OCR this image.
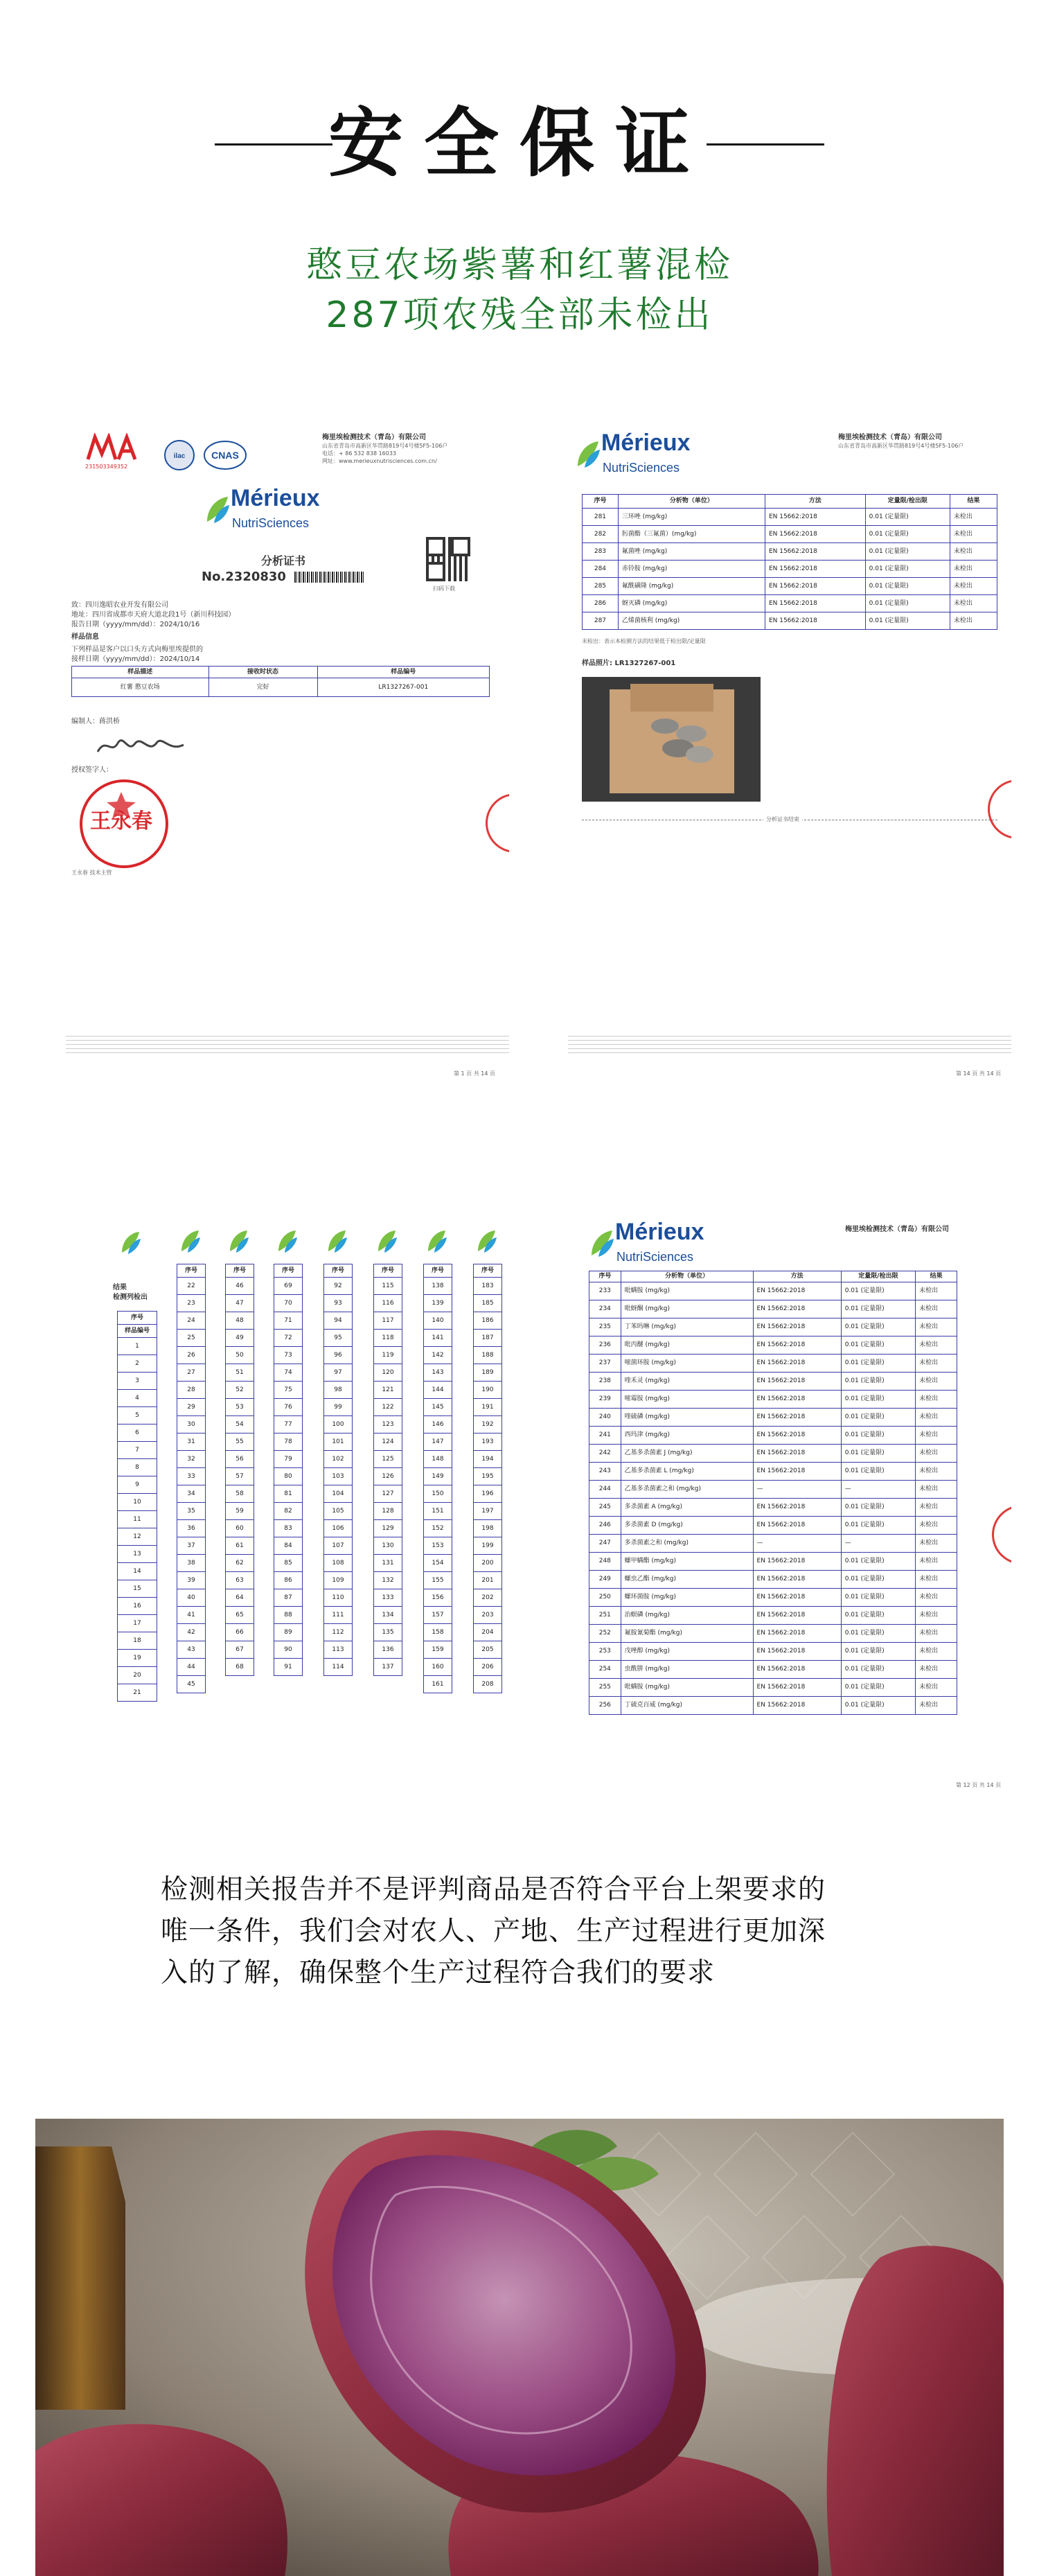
安全保证
憨豆农场紫薯和红薯混检
287项农残全部未检出
231503349352
ilac	CNAS
梅里埃检测技术（青岛）有限公司
山东省青岛市高新区华贯路819号4号楼5F5-106户
电话：+ 86 532 838 16033
网址：www.merieuxnutrisciences.com.cn/
Mérieux
NutriSciences
扫码下载
分析证书
No.2320830
致：四川逸昭农业开发有限公司
地址：四川省成都市天府大道北段1号（新川科技园）
报告日期（yyyy/mm/dd）：2024/10/16
样品信息
下列样品是客户以口头方式向梅里埃提供的
接样日期（yyyy/mm/dd）：2024/10/14
样品描述	接收时状态	样品编号
红薯 憨豆农场	完好	LR1327267-001
编制人：蒋洪桥
授权签字人：
王永春
王永春 技术主管
第 1 页 共 14 页
Mérieux
NutriSciences
梅里埃检测技术（青岛）有限公司
山东省青岛市高新区华贯路819号4号楼5F5-106户
序号	分析物（单位）	方法	定量限/检出限	结果
281	三环唑 (mg/kg)	EN 15662:2018	0.01 (定量限)	未检出
282	肟菌酯（三氟菌）(mg/kg)	EN 15662:2018	0.01 (定量限)	未检出
283	氟菌唑 (mg/kg)	EN 15662:2018	0.01 (定量限)	未检出
284	赤铃胺 (mg/kg)	EN 15662:2018	0.01 (定量限)	未检出
285	氟酰磺隆 (mg/kg)	EN 15662:2018	0.01 (定量限)	未检出
286	蚜灭磷 (mg/kg)	EN 15662:2018	0.01 (定量限)	未检出
287	乙烯菌核利 (mg/kg)	EN 15662:2018	0.01 (定量限)	未检出
未检出：表示本检测方法的结果低于检出限/定量限
样品照片: LR1327267-001
分析证书结束
第 14 页 共 14 页
结果
检测列检出
序号
样品编号
1
2
3
4
5
6
7
8
9
10
11
12
13
14
15
16
17
18
19
20
21
序号
22
23
24
25
26
27
28
29
30
31
32
33
34
35
36
37
38
39
40
41
42
43
44
45
序号
46
47
48
49
50
51
52
53
54
55
56
57
58
59
60
61
62
63
64
65
66
67
68
序号
69
70
71
72
73
74
75
76
77
78
79
80
81
82
83
84
85
86
87
88
89
90
91
序号
92
93
94
95
96
97
98
99
100
101
102
103
104
105
106
107
108
109
110
111
112
113
114
序号
115
116
117
118
119
120
121
122
123
124
125
126
127
128
129
130
131
132
133
134
135
136
137
序号
138
139
140
141
142
143
144
145
146
147
148
149
150
151
152
153
154
155
156
157
158
159
160
161
序号
183
185
186
187
188
189
190
191
192
193
194
195
196
197
198
199
200
201
202
203
204
205
206
208
Mérieux
NutriSciences
梅里埃检测技术（青岛）有限公司
序号	分析物（单位）	方法	定量限/检出限	结果
233	吡螨胺 (mg/kg)	EN 15662:2018	0.01 (定量限)	未检出
234	吡蚜酮 (mg/kg)	EN 15662:2018	0.01 (定量限)	未检出
235	丁苯吗啉 (mg/kg)	EN 15662:2018	0.01 (定量限)	未检出
236	吡丙醚 (mg/kg)	EN 15662:2018	0.01 (定量限)	未检出
237	嘧菌环胺 (mg/kg)	EN 15662:2018	0.01 (定量限)	未检出
238	喹禾灵 (mg/kg)	EN 15662:2018	0.01 (定量限)	未检出
239	嘧霉胺 (mg/kg)	EN 15662:2018	0.01 (定量限)	未检出
240	喹硫磷 (mg/kg)	EN 15662:2018	0.01 (定量限)	未检出
241	西玛津 (mg/kg)	EN 15662:2018	0.01 (定量限)	未检出
242	乙基多杀菌素 J (mg/kg)	EN 15662:2018	0.01 (定量限)	未检出
243	乙基多杀菌素 L (mg/kg)	EN 15662:2018	0.01 (定量限)	未检出
244	乙基多杀菌素之和 (mg/kg)	—	—	未检出
245	多杀菌素 A (mg/kg)	EN 15662:2018	0.01 (定量限)	未检出
246	多杀菌素 D (mg/kg)	EN 15662:2018	0.01 (定量限)	未检出
247	多杀菌素之和 (mg/kg)	—	—	未检出
248	螺甲螨酯 (mg/kg)	EN 15662:2018	0.01 (定量限)	未检出
249	螺虫乙酯 (mg/kg)	EN 15662:2018	0.01 (定量限)	未检出
250	螺环菌胺 (mg/kg)	EN 15662:2018	0.01 (定量限)	未检出
251	治螟磷 (mg/kg)	EN 15662:2018	0.01 (定量限)	未检出
252	氟胺氰菊酯 (mg/kg)	EN 15662:2018	0.01 (定量限)	未检出
253	戊唑醇 (mg/kg)	EN 15662:2018	0.01 (定量限)	未检出
254	虫酰肼 (mg/kg)	EN 15662:2018	0.01 (定量限)	未检出
255	吡螨胺 (mg/kg)	EN 15662:2018	0.01 (定量限)	未检出
256	丁硫克百威 (mg/kg)	EN 15662:2018	0.01 (定量限)	未检出
第 12 页 共 14 页
检测相关报告并不是评判商品是否符合平台上架要求的
唯一条件，我们会对农人、产地、生产过程进行更加深
入的了解，确保整个生产过程符合我们的要求
